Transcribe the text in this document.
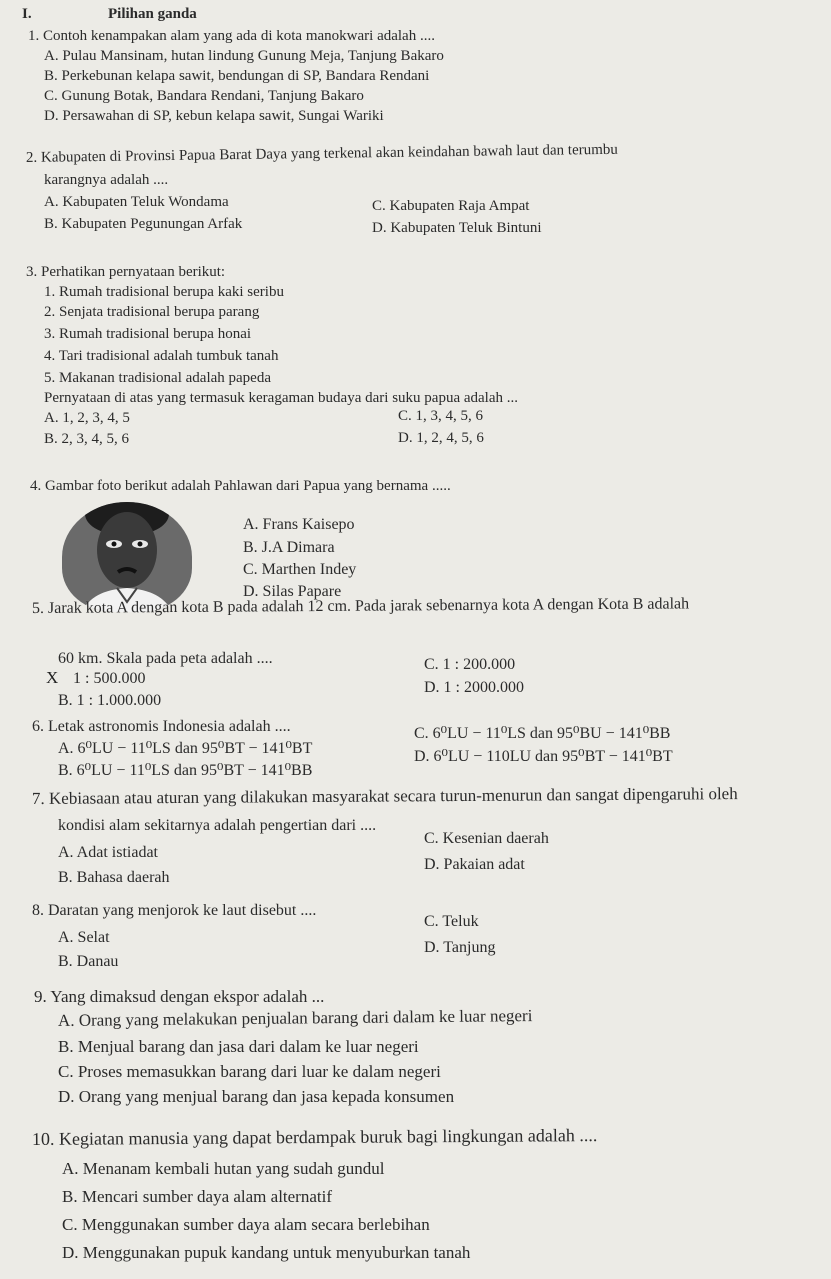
I.	Pilihan ganda
1. Contoh kenampakan alam yang ada di kota manokwari adalah ....
A. Pulau Mansinam, hutan lindung Gunung Meja, Tanjung Bakaro
B. Perkebunan kelapa sawit, bendungan di SP, Bandara Rendani
C. Gunung Botak, Bandara Rendani, Tanjung Bakaro
D. Persawahan di SP, kebun kelapa sawit, Sungai Wariki
2. Kabupaten di Provinsi Papua Barat Daya yang terkenal akan keindahan bawah laut dan terumbu
karangnya adalah ....
A. Kabupaten Teluk Wondama
B. Kabupaten Pegunungan Arfak
C. Kabupaten Raja Ampat
D. Kabupaten Teluk Bintuni
3. Perhatikan pernyataan berikut:
1. Rumah tradisional berupa kaki seribu
2. Senjata tradisional berupa parang
3. Rumah tradisional berupa honai
4. Tari tradisional adalah tumbuk tanah
5. Makanan tradisional adalah papeda
Pernyataan di atas yang termasuk keragaman budaya dari suku papua adalah ...
A. 1, 2, 3, 4, 5
B. 2, 3, 4, 5, 6
C. 1, 3, 4, 5, 6
D. 1, 2, 4, 5, 6
4. Gambar foto berikut adalah Pahlawan dari Papua yang bernama .....
A. Frans Kaisepo
B. J.A Dimara
C. Marthen Indey
D. Silas Papare
5. Jarak kota A dengan kota B pada adalah 12 cm. Pada jarak sebenarnya kota A dengan Kota B adalah
60 km. Skala pada peta adalah ....
X 1 : 500.000
B. 1 : 1.000.000
C. 1 : 200.000
D. 1 : 2000.000
6. Letak astronomis Indonesia adalah ....
A. 6⁰LU − 11⁰LS dan 95⁰BT − 141⁰BT
B. 6⁰LU − 11⁰LS dan 95⁰BT − 141⁰BB
C. 6⁰LU − 11⁰LS dan 95⁰BU − 141⁰BB
D. 6⁰LU − 110LU dan 95⁰BT − 141⁰BT
7. Kebiasaan atau aturan yang dilakukan masyarakat secara turun-menurun dan sangat dipengaruhi oleh
kondisi alam sekitarnya adalah pengertian dari ....
A. Adat istiadat
B. Bahasa daerah
C. Kesenian daerah
D. Pakaian adat
8. Daratan yang menjorok ke laut disebut ....
A. Selat
B. Danau
C. Teluk
D. Tanjung
9. Yang dimaksud dengan ekspor adalah ...
A. Orang yang melakukan penjualan barang dari dalam ke luar negeri
B. Menjual barang dan jasa dari dalam ke luar negeri
C. Proses memasukkan barang dari luar ke dalam negeri
D. Orang yang menjual barang dan jasa kepada konsumen
10. Kegiatan manusia yang dapat berdampak buruk bagi lingkungan adalah ....
A. Menanam kembali hutan yang sudah gundul
B. Mencari sumber daya alam alternatif
C. Menggunakan sumber daya alam secara berlebihan
D. Menggunakan pupuk kandang untuk menyuburkan tanah
